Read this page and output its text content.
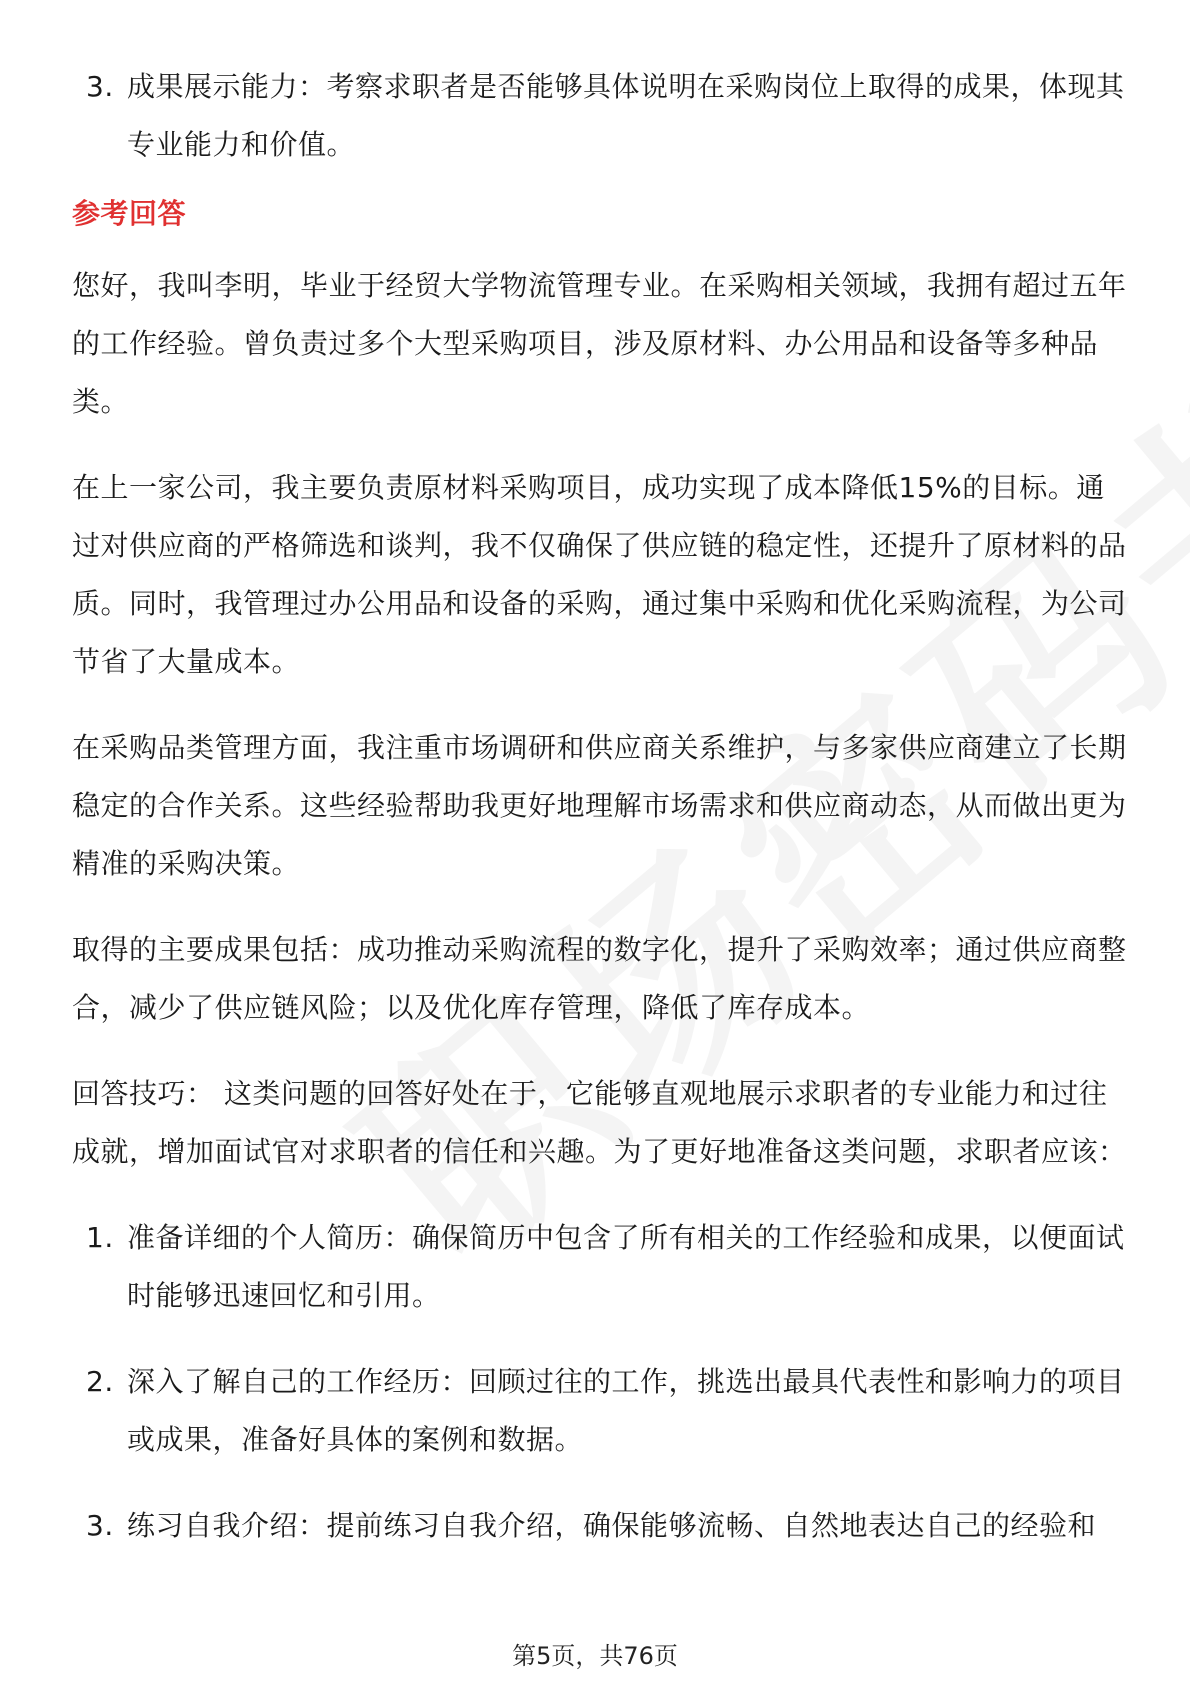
3. 成果展示能力：考察求职者是否能够具体说明在采购岗位上取得的成果，体现其专业能力和价值。
参考回答
您好，我叫李明，毕业于经贸大学物流管理专业。在采购相关领域，我拥有超过五年的工作经验。曾负责过多个大型采购项目，涉及原材料、办公用品和设备等多种品类。
在上一家公司，我主要负责原材料采购项目，成功实现了成本降低15%的目标。通过对供应商的严格筛选和谈判，我不仅确保了供应链的稳定性，还提升了原材料的品质。同时，我管理过办公用品和设备的采购，通过集中采购和优化采购流程，为公司节省了大量成本。
在采购品类管理方面，我注重市场调研和供应商关系维护，与多家供应商建立了长期稳定的合作关系。这些经验帮助我更好地理解市场需求和供应商动态，从而做出更为精准的采购决策。
取得的主要成果包括：成功推动采购流程的数字化，提升了采购效率；通过供应商整合，减少了供应链风险；以及优化库存管理，降低了库存成本。
回答技巧： 这类问题的回答好处在于，它能够直观地展示求职者的专业能力和过往成就，增加面试官对求职者的信任和兴趣。为了更好地准备这类问题，求职者应该：
1. 准备详细的个人简历：确保简历中包含了所有相关的工作经验和成果，以便面试时能够迅速回忆和引用。
2. 深入了解自己的工作经历：回顾过往的工作，挑选出最具代表性和影响力的项目或成果，准备好具体的案例和数据。
3. 练习自我介绍：提前练习自我介绍，确保能够流畅、自然地表达自己的经验和
第5页，共76页
